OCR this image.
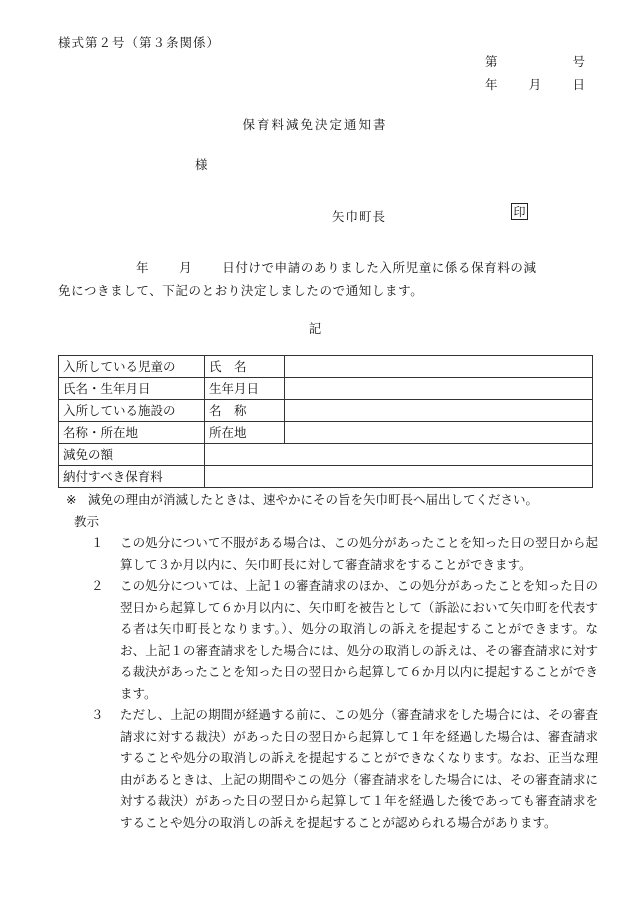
様式第２号（第３条関係）
第	号
年 月 日
保育料減免決定通知書
様
矢巾町長	印
年 月 日付けで申請のありました入所児童に係る保育料の減
免につきまして、下記のとおり決定しましたので通知します。
記
入所している児童の	氏　名	
氏名・生年月日	生年月日	
入所している施設の	名　称	
名称・所在地	所在地	
減免の額		
納付すべき保育料		
※ 減免の理由が消滅したときは、速やかにその旨を矢巾町長へ届出してください。
教示
１ この処分について不服がある場合は、この処分があったことを知った日の翌日から起算して３か月以内に、矢巾町長に対して審査請求をすることができます。
２ この処分については、上記１の審査請求のほか、この処分があったことを知った日の翌日から起算して６か月以内に、矢巾町を被告として（訴訟において矢巾町を代表する者は矢巾町長となります。）、処分の取消しの訴えを提起することができます。なお、上記１の審査請求をした場合には、処分の取消しの訴えは、その審査請求に対する裁決があったことを知った日の翌日から起算して６か月以内に提起することができます。
３ ただし、上記の期間が経過する前に、この処分（審査請求をした場合には、その審査請求に対する裁決）があった日の翌日から起算して１年を経過した場合は、審査請求することや処分の取消しの訴えを提起することができなくなります。なお、正当な理由があるときは、上記の期間やこの処分（審査請求をした場合には、その審査請求に対する裁決）があった日の翌日から起算して１年を経過した後であっても審査請求をすることや処分の取消しの訴えを提起することが認められる場合があります。
